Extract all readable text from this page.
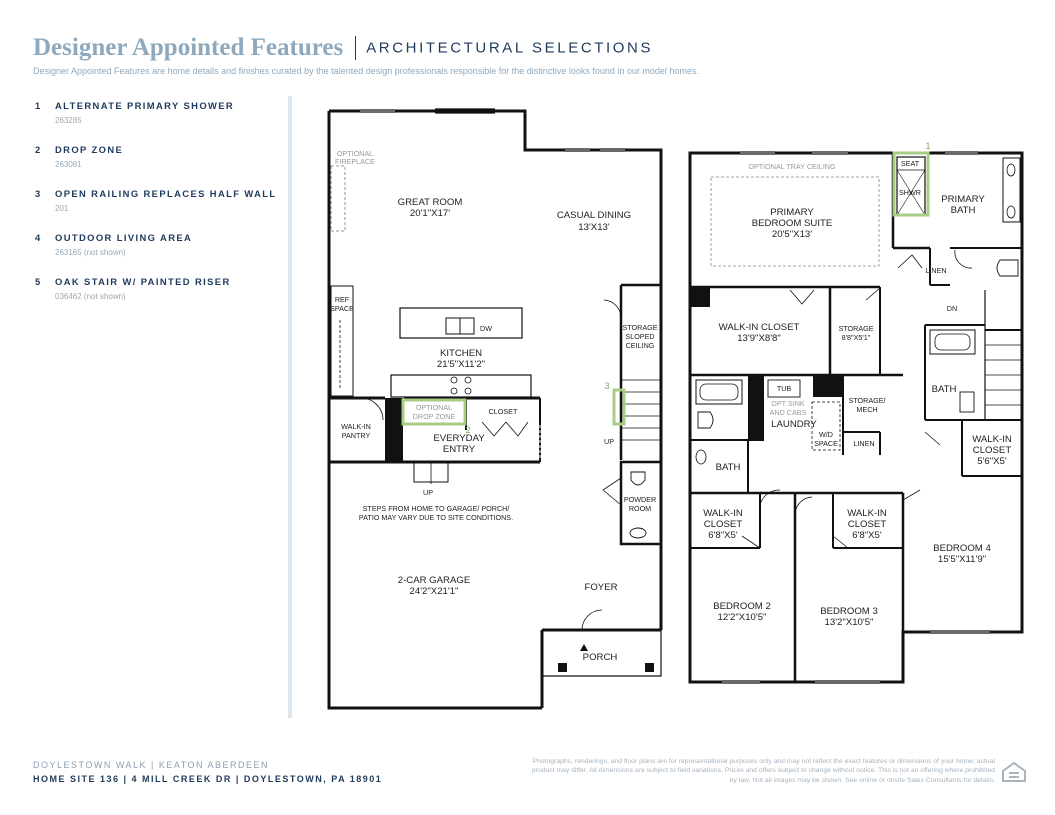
Designer Appointed Features ARCHITECTURAL SELECTIONS
Designer Appointed Features are home details and finishes curated by the talented design professionals responsible for the distinctive looks found in our model homes.
1 ALTERNATE PRIMARY SHOWER
263285
2 DROP ZONE
263081
3 OPEN RAILING REPLACES HALF WALL
201
4 OUTDOOR LIVING AREA
263165 (not shown)
5 OAK STAIR W/ PAINTED RISER
036462 (not shown)
OPTIONAL
FIREPLACE
GREAT ROOM
20'1"X17'	CASUAL DINING
13'X13'
REF
SPACE
DW
KITCHEN
21'5"X11'2"
WALK-IN
PANTRY
OPTIONAL
DROP ZONE
CLOSET
EVERYDAY
ENTRY
UP
STEPS FROM HOME TO GARAGE/ PORCH/
PATIO MAY VARY DUE TO SITE CONDITIONS.
2-CAR GARAGE
24'2"X21'1"
STORAGE
SLOPED
CEILING
UP
POWDER
ROOM
FOYER
PORCH
2
3
OPTIONAL TRAY CEILING
PRIMARY
BEDROOM SUITE
20'5"X13'
SEAT
SHWR
PRIMARY
BATH
LINEN
DN
WALK-IN CLOSET
13'9"X8'8"
STORAGE
8'8"X5'1"
TUB
OPT SINK
AND CABS
LAUNDRY
W/D
SPACE
STORAGE/
MECH
LINEN
BATH
BATH
WALK-IN
CLOSET
5'6"X5'
WALK-IN
CLOSET
6'8"X5'
WALK-IN
CLOSET
6'8"X5'
BEDROOM 2
12'2"X10'5"
BEDROOM 3
13'2"X10'5"
BEDROOM 4
15'5"X11'9"
1
DOYLESTOWN WALK | KEATON ABERDEEN
HOME SITE 136 | 4 MILL CREEK DR | DOYLESTOWN, PA 18901
Photographs, renderings, and floor plans are for representational purposes only and may not reflect the exact features or dimensions of your home; actual product may differ. All dimensions are subject to field variations. Prices and offers subject to change without notice. This is not an offering where prohibited by law. Not all images may be shown. See online or onsite Sales Consultants for details.
